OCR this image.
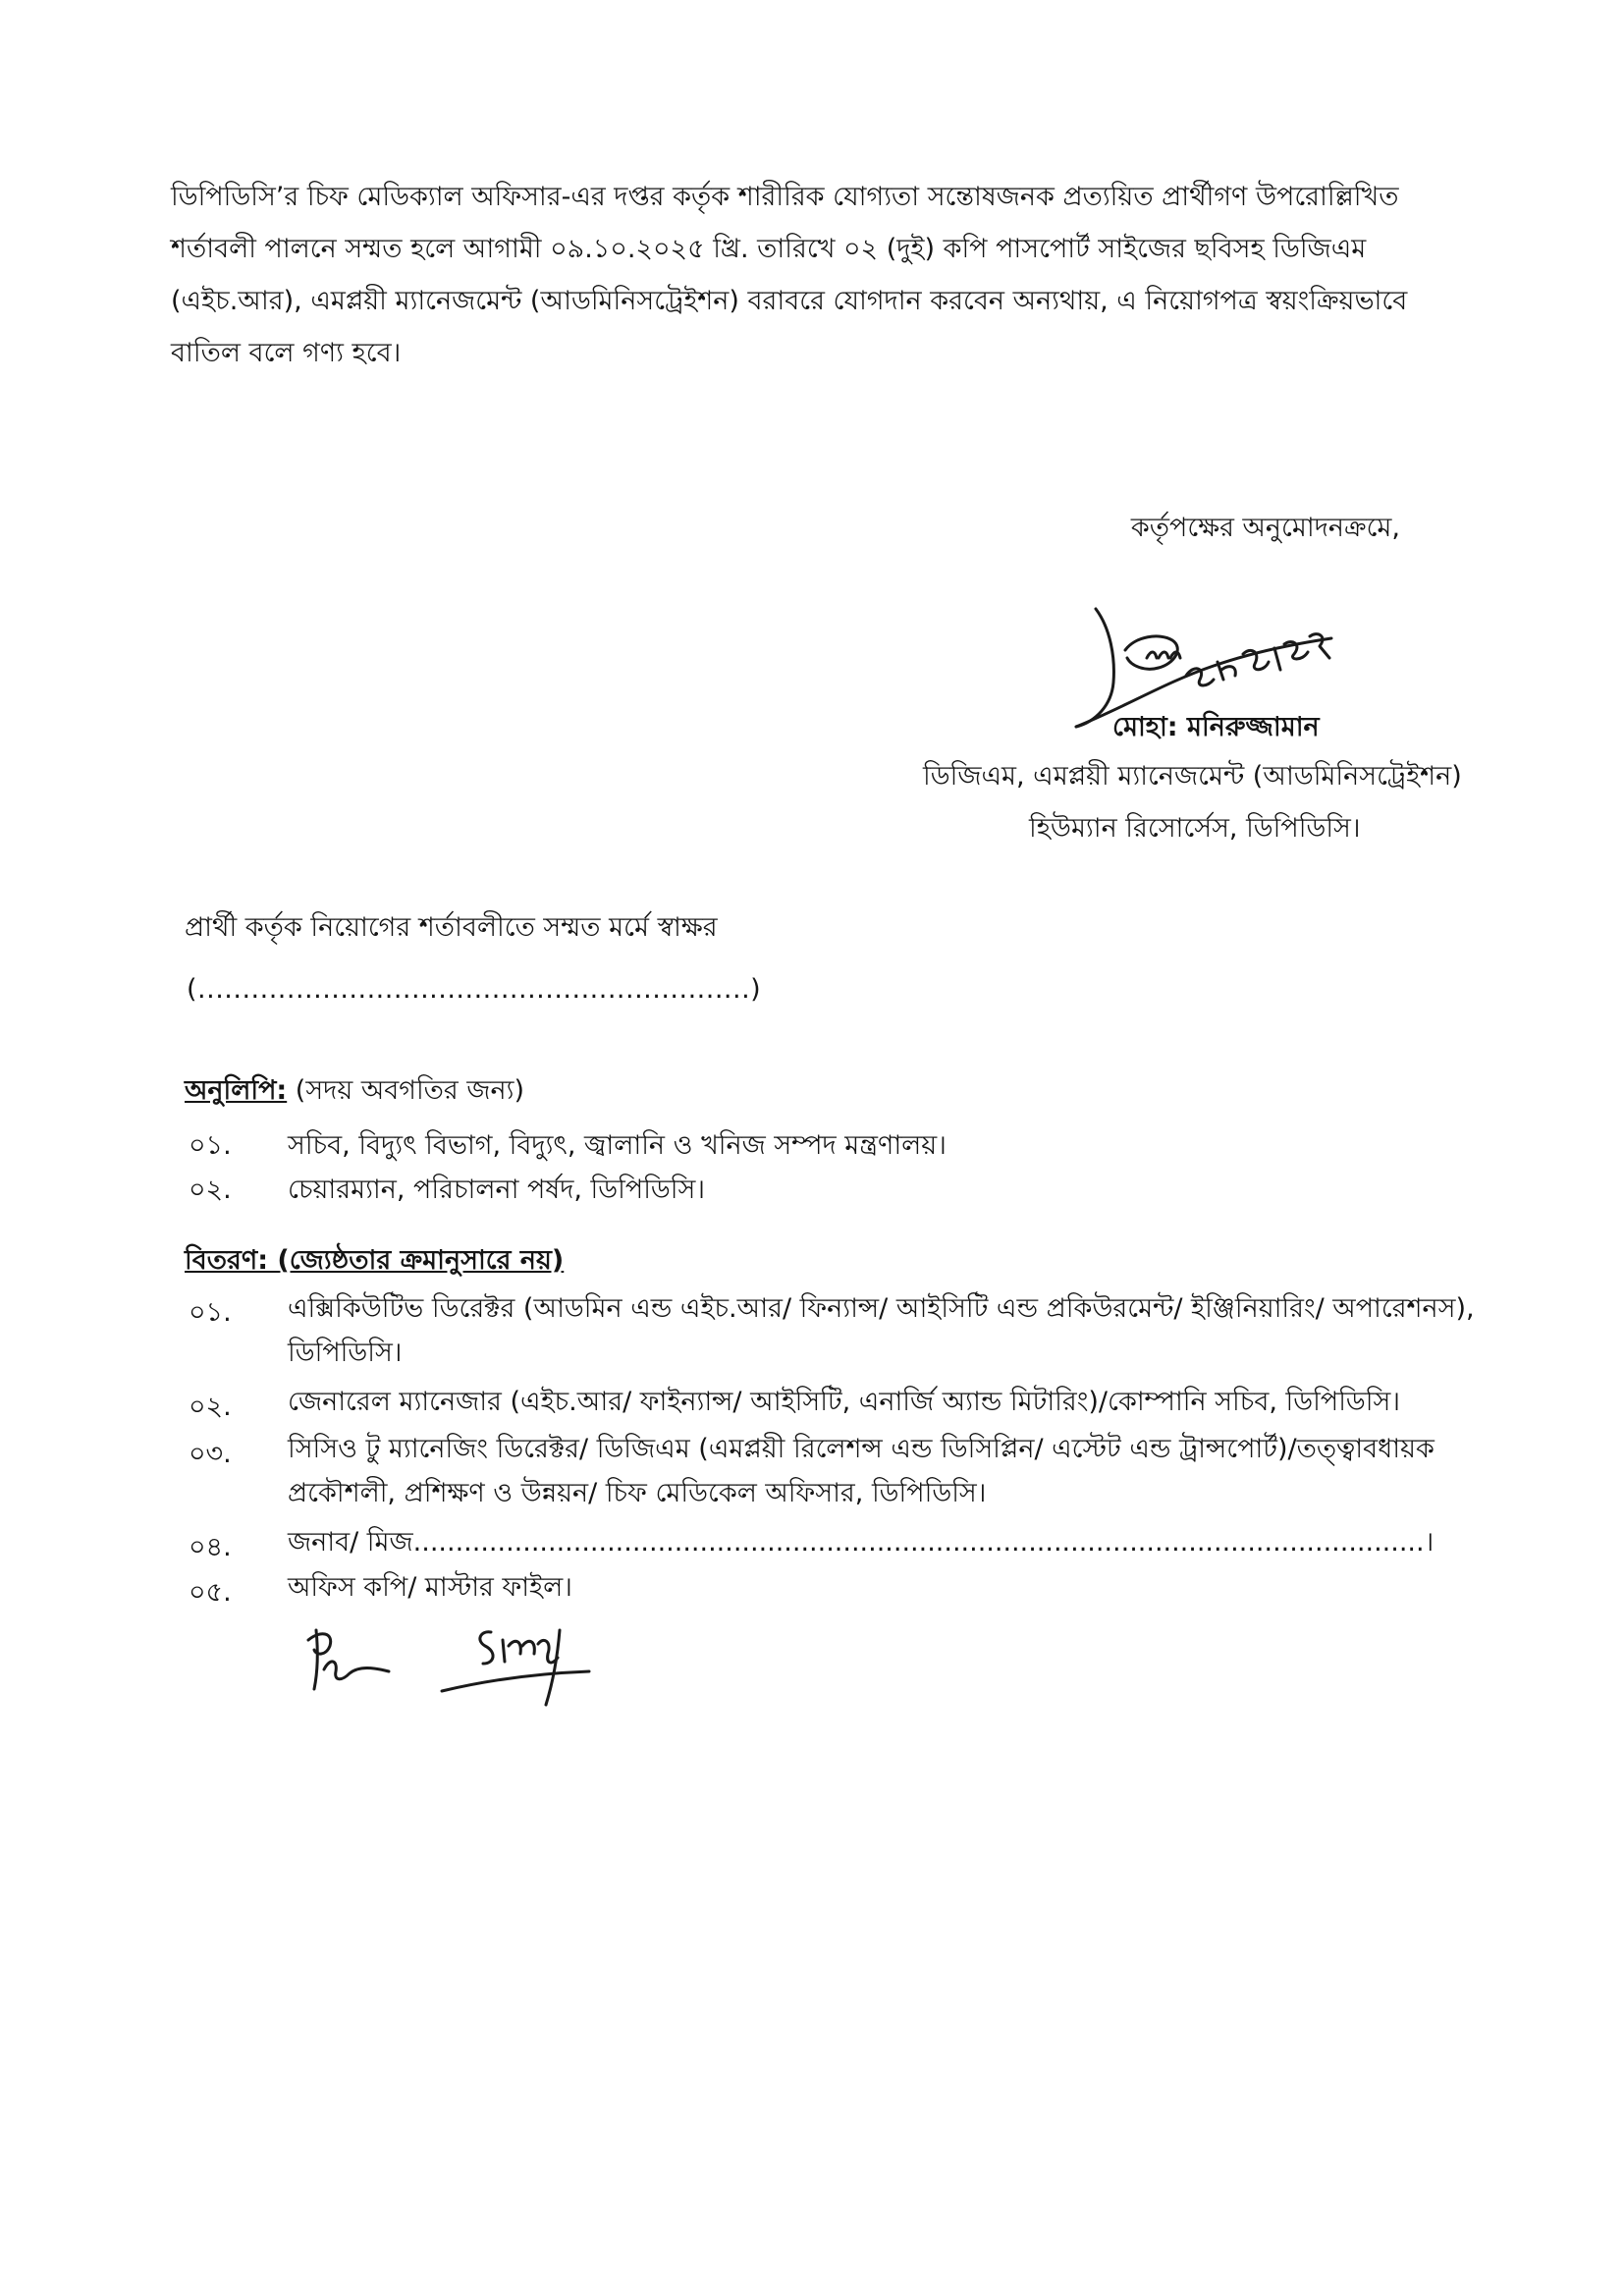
ডিপিডিসি’র চিফ মেডিক্যাল অফিসার-এর দপ্তর কর্তৃক শারীরিক যোগ্যতা সন্তোষজনক প্রত্যয়িত প্রার্থীগণ উপরোল্লিখিত
শর্তাবলী পালনে সম্মত হলে আগামী ০৯.১০.২০২৫ খ্রি. তারিখে ০২ (দুই) কপি পাসপোর্ট সাইজের ছবিসহ ডিজিএম
(এইচ.আর), এমপ্লয়ী ম্যানেজমেন্ট (আডমিনিসট্রেইশন) বরাবরে যোগদান করবেন অন্যথায়, এ নিয়োগপত্র স্বয়ংক্রিয়ভাবে
বাতিল বলে গণ্য হবে।
কর্তৃপক্ষের অনুমোদনক্রমে,
মোহা: মনিরুজ্জামান
ডিজিএম, এমপ্লয়ী ম্যানেজমেন্ট (আডমিনিসট্রেইশন)
হিউম্যান রিসোর্সেস, ডিপিডিসি।
প্রার্থী কর্তৃক নিয়োগের শর্তাবলীতে সম্মত মর্মে স্বাক্ষর
(..............................................................)
অনুলিপি: (সদয় অবগতির জন্য)
০১. সচিব, বিদ্যুৎ বিভাগ, বিদ্যুৎ, জ্বালানি ও খনিজ সম্পদ মন্ত্রণালয়।
০২. চেয়ারম্যান, পরিচালনা পর্ষদ, ডিপিডিসি।
বিতরণ: (জ্যেষ্ঠতার ক্রমানুসারে নয়)
০১. এক্সিকিউটিভ ডিরেক্টর (আডমিন এন্ড এইচ.আর/ ফিন্যান্স/ আইসিটি এন্ড প্রকিউরমেন্ট/ ইঞ্জিনিয়ারিং/ অপারেশনস),
ডিপিডিসি।
০২. জেনারেল ম্যানেজার (এইচ.আর/ ফাইন্যান্স/ আইসিটি, এনার্জি অ্যান্ড মিটারিং)/কোম্পানি সচিব, ডিপিডিসি।
০৩. সিসিও টু ম্যানেজিং ডিরেক্টর/ ডিজিএম (এমপ্লয়ী রিলেশন্স এন্ড ডিসিপ্লিন/ এস্টেট এন্ড ট্রান্সপোর্ট)/তত্ত্বাবধায়ক
প্রকৌশলী, প্রশিক্ষণ ও উন্নয়ন/ চিফ মেডিকেল অফিসার, ডিপিডিসি।
০৪. জনাব/ মিজ........................................................................................................................।
০৫. অফিস কপি/ মাস্টার ফাইল।
